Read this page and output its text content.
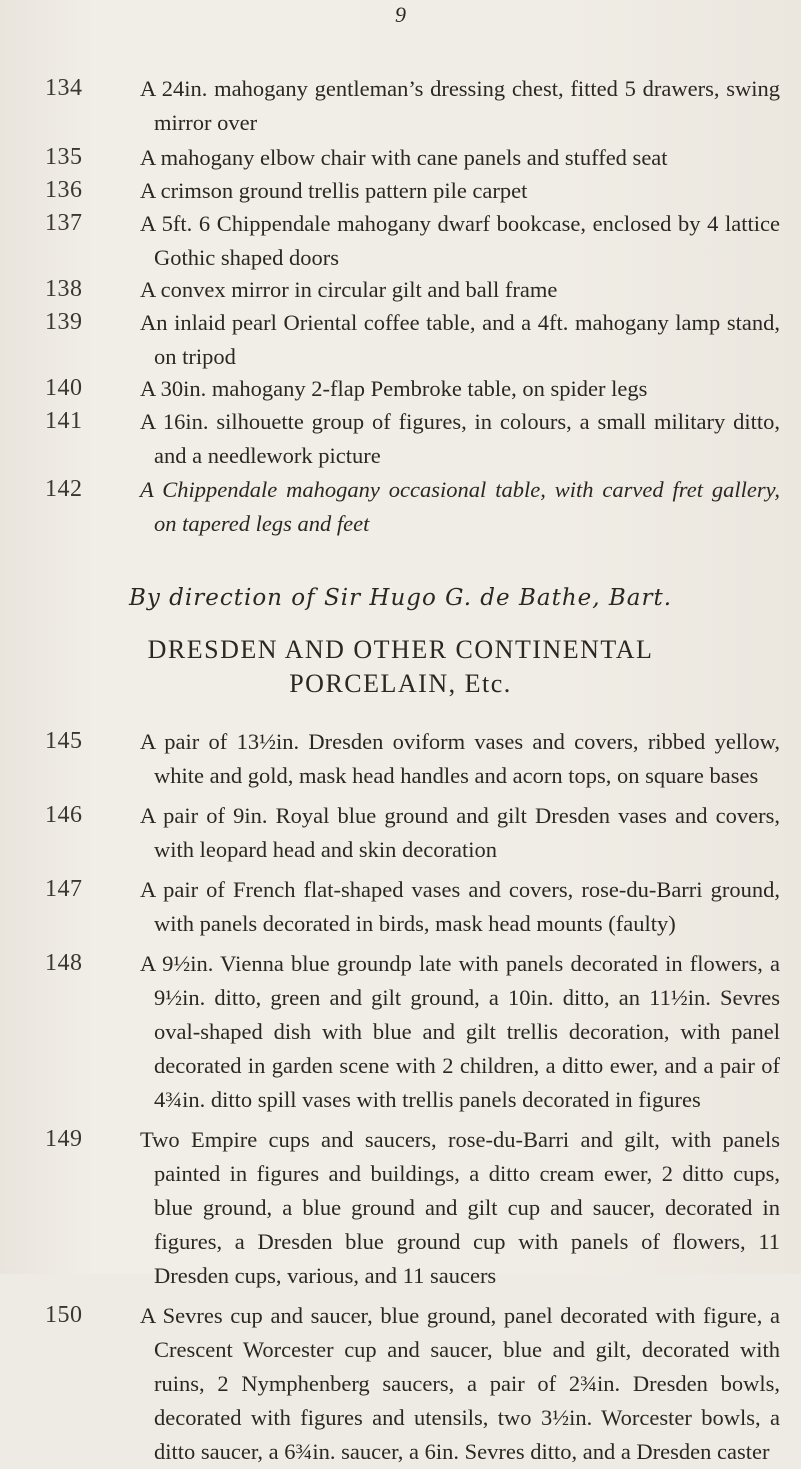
9
134	A 24in. mahogany gentleman’s dressing chest, fitted 5 drawers, swing mirror over
135	A mahogany elbow chair with cane panels and stuffed seat
136	A crimson ground trellis pattern pile carpet
137	A 5ft. 6 Chippendale mahogany dwarf bookcase, enclosed by 4 lattice Gothic shaped doors
138	A convex mirror in circular gilt and ball frame
139	An inlaid pearl Oriental coffee table, and a 4ft. mahogany lamp stand, on tripod
140	A 30in. mahogany 2-flap Pembroke table, on spider legs
141	A 16in. silhouette group of figures, in colours, a small military ditto, and a needlework picture
142	A Chippendale mahogany occasional table, with carved fret gallery, on tapered legs and feet
By direction of Sir Hugo G. de Bathe, Bart.
DRESDEN AND OTHER CONTINENTAL
PORCELAIN, Etc.
145	A pair of 13½in. Dresden oviform vases and covers, ribbed yellow, white and gold, mask head handles and acorn tops, on square bases
146	A pair of 9in. Royal blue ground and gilt Dresden vases and covers, with leopard head and skin decoration
147	A pair of French flat-shaped vases and covers, rose-du-Barri ground, with panels decorated in birds, mask head mounts (faulty)
148	A 9½in. Vienna blue groundp late with panels decorated in flowers, a 9½in. ditto, green and gilt ground, a 10in. ditto, an 11½in. Sevres oval-shaped dish with blue and gilt trellis decoration, with panel decorated in garden scene with 2 children, a ditto ewer, and a pair of 4¾in. ditto spill vases with trellis panels decorated in figures
149	Two Empire cups and saucers, rose-du-Barri and gilt, with panels painted in figures and buildings, a ditto cream ewer, 2 ditto cups, blue ground, a blue ground and gilt cup and saucer, decorated in figures, a Dresden blue ground cup with panels of flowers, 11 Dresden cups, various, and 11 saucers
150	A Sevres cup and saucer, blue ground, panel decorated with figure, a Crescent Worcester cup and saucer, blue and gilt, decorated with ruins, 2 Nymphenberg saucers, a pair of 2¾in. Dresden bowls, decorated with figures and utensils, two 3½in. Worcester bowls, a ditto saucer, a 6¾in. saucer, a 6in. Sevres ditto, and a Dresden caster
